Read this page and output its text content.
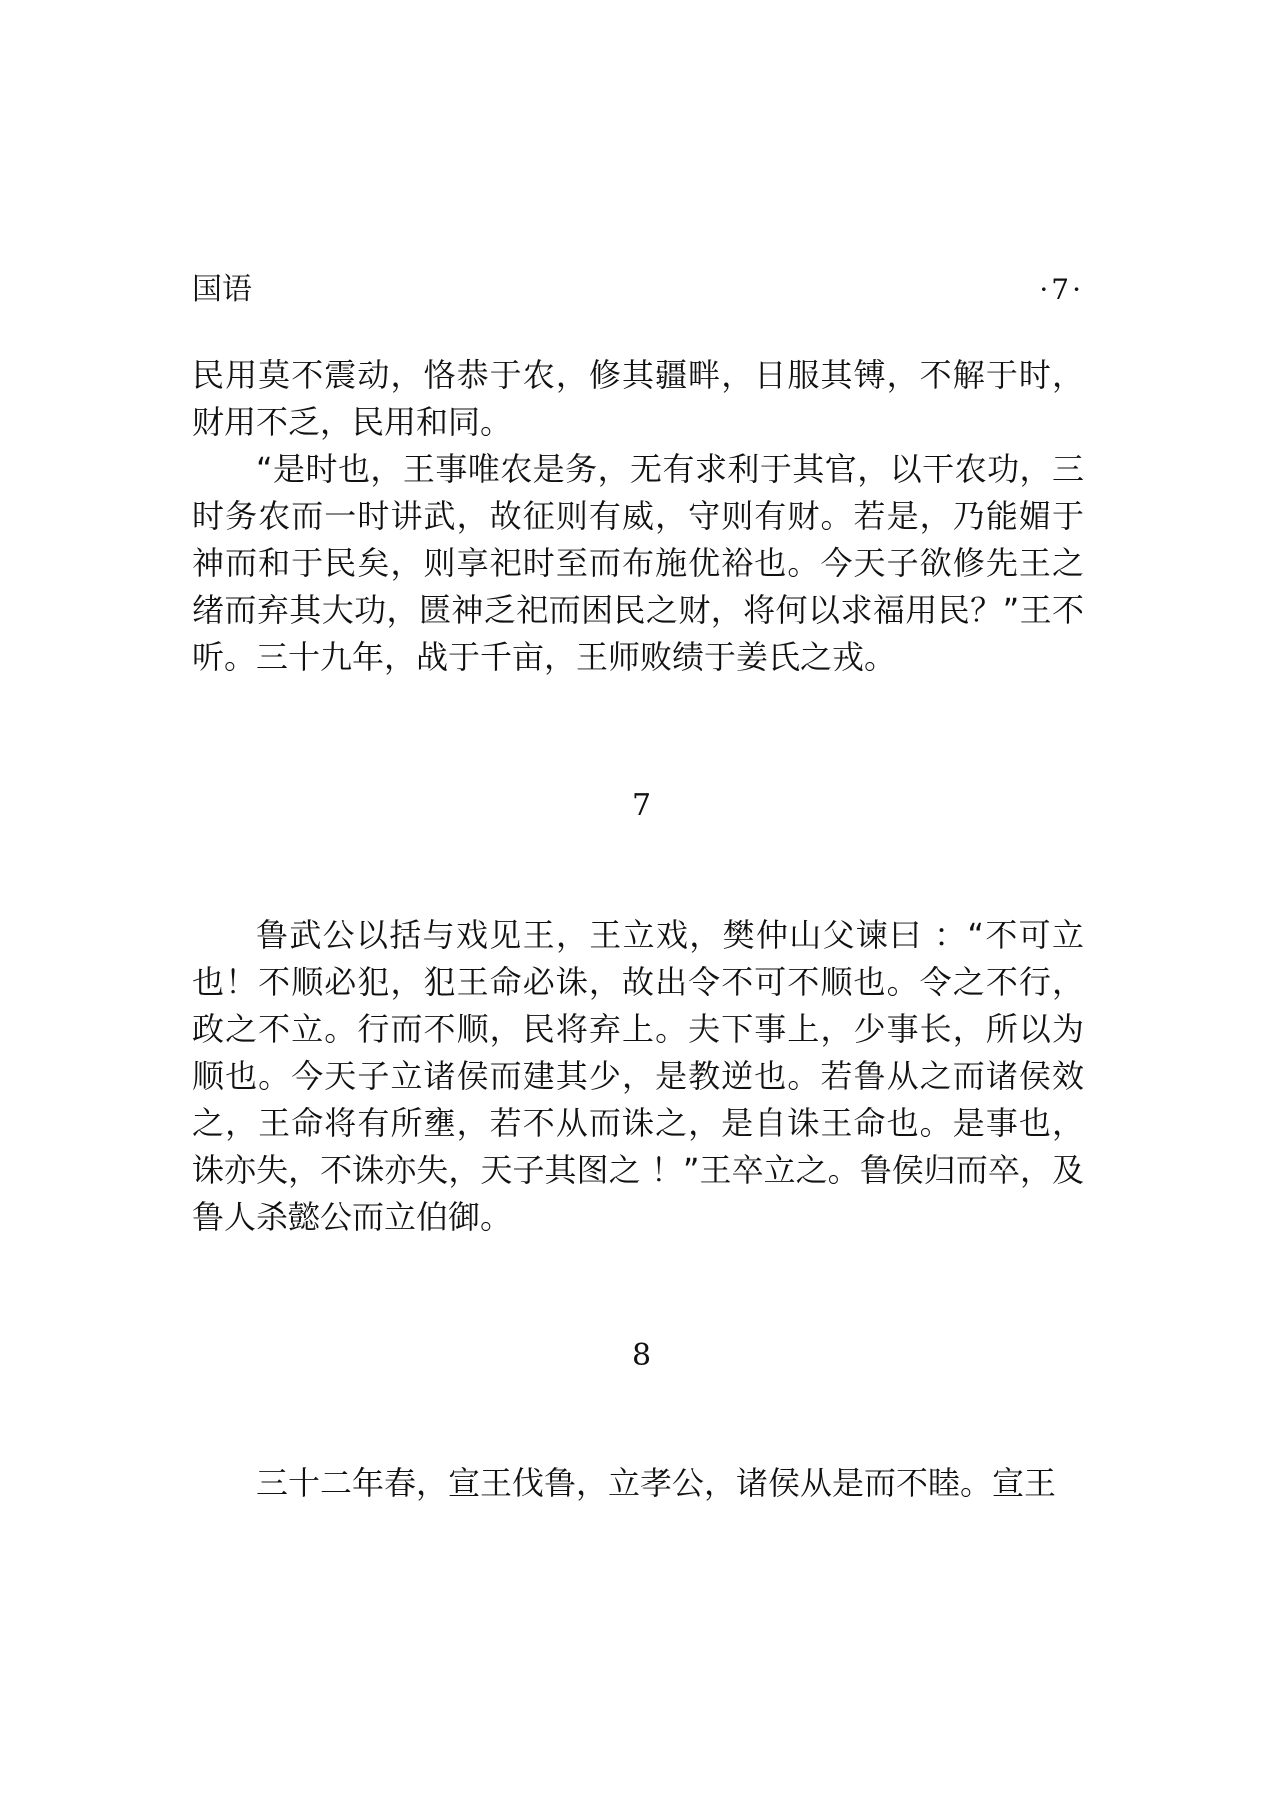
国语	·7·

民用莫不震动，恪恭于农，修其疆畔，日服其镈，不解于时，财用不乏，民用和同。

“是时也，王事唯农是务，无有求利于其官，以干农功，三时务农而一时讲武，故征则有威，守则有财。若是，乃能媚于神而和于民矣，则享祀时至而布施优裕也。今天子欲修先王之绪而弃其大功，匮神乏祀而困民之财，将何以求福用民？”王不听。三十九年，战于千亩，王师败绩于姜氏之戎。

7

鲁武公以括与戏见王，王立戏，樊仲山父谏曰 ：“不可立也！不顺必犯，犯王命必诛，故出令不可不顺也。令之不行，政之不立。行而不顺，民将弃上。夫下事上，少事长，所以为顺也。今天子立诸侯而建其少，是教逆也。若鲁从之而诸侯效之，王命将有所壅，若不从而诛之，是自诛王命也。是事也，诛亦失，不诛亦失，天子其图之 ！”王卒立之。鲁侯归而卒，及鲁人杀懿公而立伯御。

8

三十二年春，宣王伐鲁，立孝公，诸侯从是而不睦。宣王
